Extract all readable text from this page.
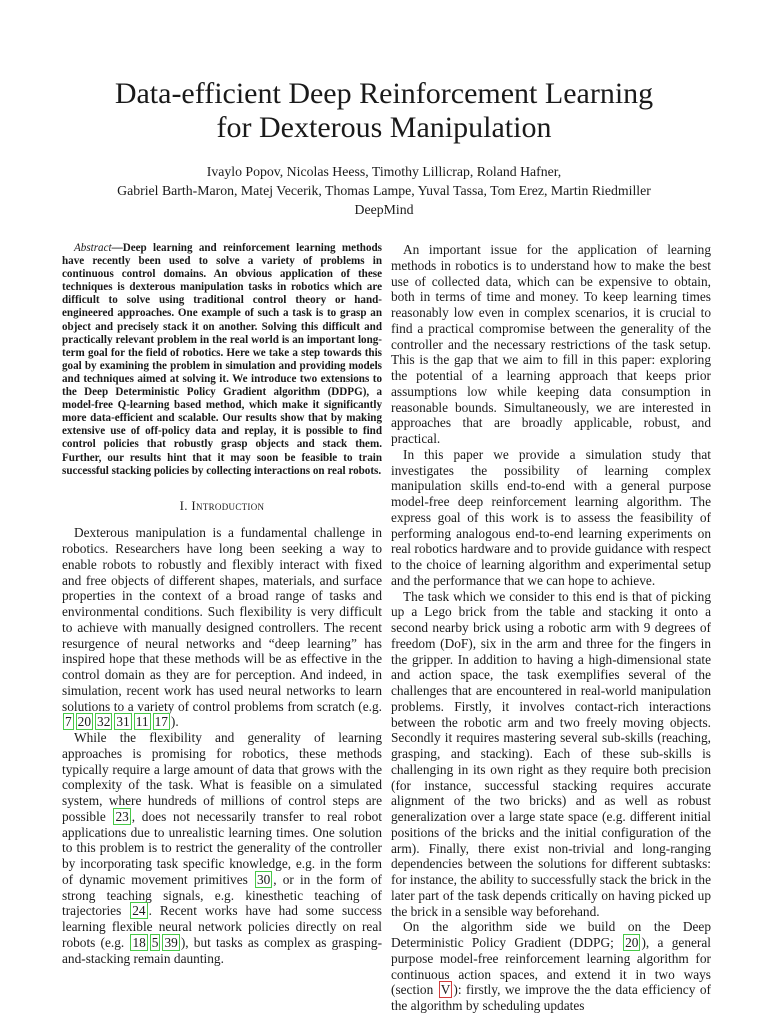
Data-efficient Deep Reinforcement Learning
for Dexterous Manipulation
Ivaylo Popov, Nicolas Heess, Timothy Lillicrap, Roland Hafner,
Gabriel Barth-Maron, Matej Vecerik, Thomas Lampe, Yuval Tassa, Tom Erez, Martin Riedmiller
DeepMind

Abstract—Deep learning and reinforcement learning methods have recently been used to solve a variety of problems in continuous control domains. An obvious application of these techniques is dexterous manipulation tasks in robotics which are difficult to solve using traditional control theory or hand-engineered approaches. One example of such a task is to grasp an object and precisely stack it on another. Solving this difficult and practically relevant problem in the real world is an important long-term goal for the field of robotics. Here we take a step towards this goal by examining the problem in simulation and providing models and techniques aimed at solving it. We introduce two extensions to the Deep Deterministic Policy Gradient algorithm (DDPG), a model-free Q-learning based method, which make it significantly more data-efficient and scalable. Our results show that by making extensive use of off-policy data and replay, it is possible to find control policies that robustly grasp objects and stack them. Further, our results hint that it may soon be feasible to train successful stacking policies by collecting interactions on real robots.

I. Introduction

Dexterous manipulation is a fundamental challenge in robotics. Researchers have long been seeking a way to enable robots to robustly and flexibly interact with fixed and free objects of different shapes, materials, and surface properties in the context of a broad range of tasks and environmental conditions. Such flexibility is very difficult to achieve with manually designed controllers. The recent resurgence of neural networks and “deep learning” has inspired hope that these methods will be as effective in the control domain as they are for perception. And indeed, in simulation, recent work has used neural networks to learn solutions to a variety of control problems from scratch (e.g. 7 20 32 31 11 17 ).

While the flexibility and generality of learning approaches is promising for robotics, these methods typically require a large amount of data that grows with the complexity of the task. What is feasible on a simulated system, where hundreds of millions of control steps are possible 23 , does not necessarily transfer to real robot applications due to unrealistic learning times. One solution to this problem is to restrict the generality of the controller by incorporating task specific knowledge, e.g. in the form of dynamic movement primitives 30 , or in the form of strong teaching signals, e.g. kinesthetic teaching of trajectories 24 . Recent works have had some success learning flexible neural network policies directly on real robots (e.g. 18 5 39 ), but tasks as complex as grasping-and-stacking remain daunting.

An important issue for the application of learning methods in robotics is to understand how to make the best use of collected data, which can be expensive to obtain, both in terms of time and money. To keep learning times reasonably low even in complex scenarios, it is crucial to find a practical compromise between the generality of the controller and the necessary restrictions of the task setup. This is the gap that we aim to fill in this paper: exploring the potential of a learning approach that keeps prior assumptions low while keeping data consumption in reasonable bounds. Simultaneously, we are interested in approaches that are broadly applicable, robust, and practical.

In this paper we provide a simulation study that investigates the possibility of learning complex manipulation skills end-to-end with a general purpose model-free deep reinforcement learning algorithm. The express goal of this work is to assess the feasibility of performing analogous end-to-end learning experiments on real robotics hardware and to provide guidance with respect to the choice of learning algorithm and experimental setup and the performance that we can hope to achieve.

The task which we consider to this end is that of picking up a Lego brick from the table and stacking it onto a second nearby brick using a robotic arm with 9 degrees of freedom (DoF), six in the arm and three for the fingers in the gripper. In addition to having a high-dimensional state and action space, the task exemplifies several of the challenges that are encountered in real-world manipulation problems. Firstly, it involves contact-rich interactions between the robotic arm and two freely moving objects. Secondly it requires mastering several sub-skills (reaching, grasping, and stacking). Each of these sub-skills is challenging in its own right as they require both precision (for instance, successful stacking requires accurate alignment of the two bricks) and as well as robust generalization over a large state space (e.g. different initial positions of the bricks and the initial configuration of the arm). Finally, there exist non-trivial and long-ranging dependencies between the solutions for different subtasks: for instance, the ability to successfully stack the brick in the later part of the task depends critically on having picked up the brick in a sensible way beforehand.

On the algorithm side we build on the Deep Deterministic Policy Gradient (DDPG; 20 ), a general purpose model-free reinforcement learning algorithm for continuous action spaces, and extend it in two ways (section V ): firstly, we improve the the data efficiency of the algorithm by scheduling updates
